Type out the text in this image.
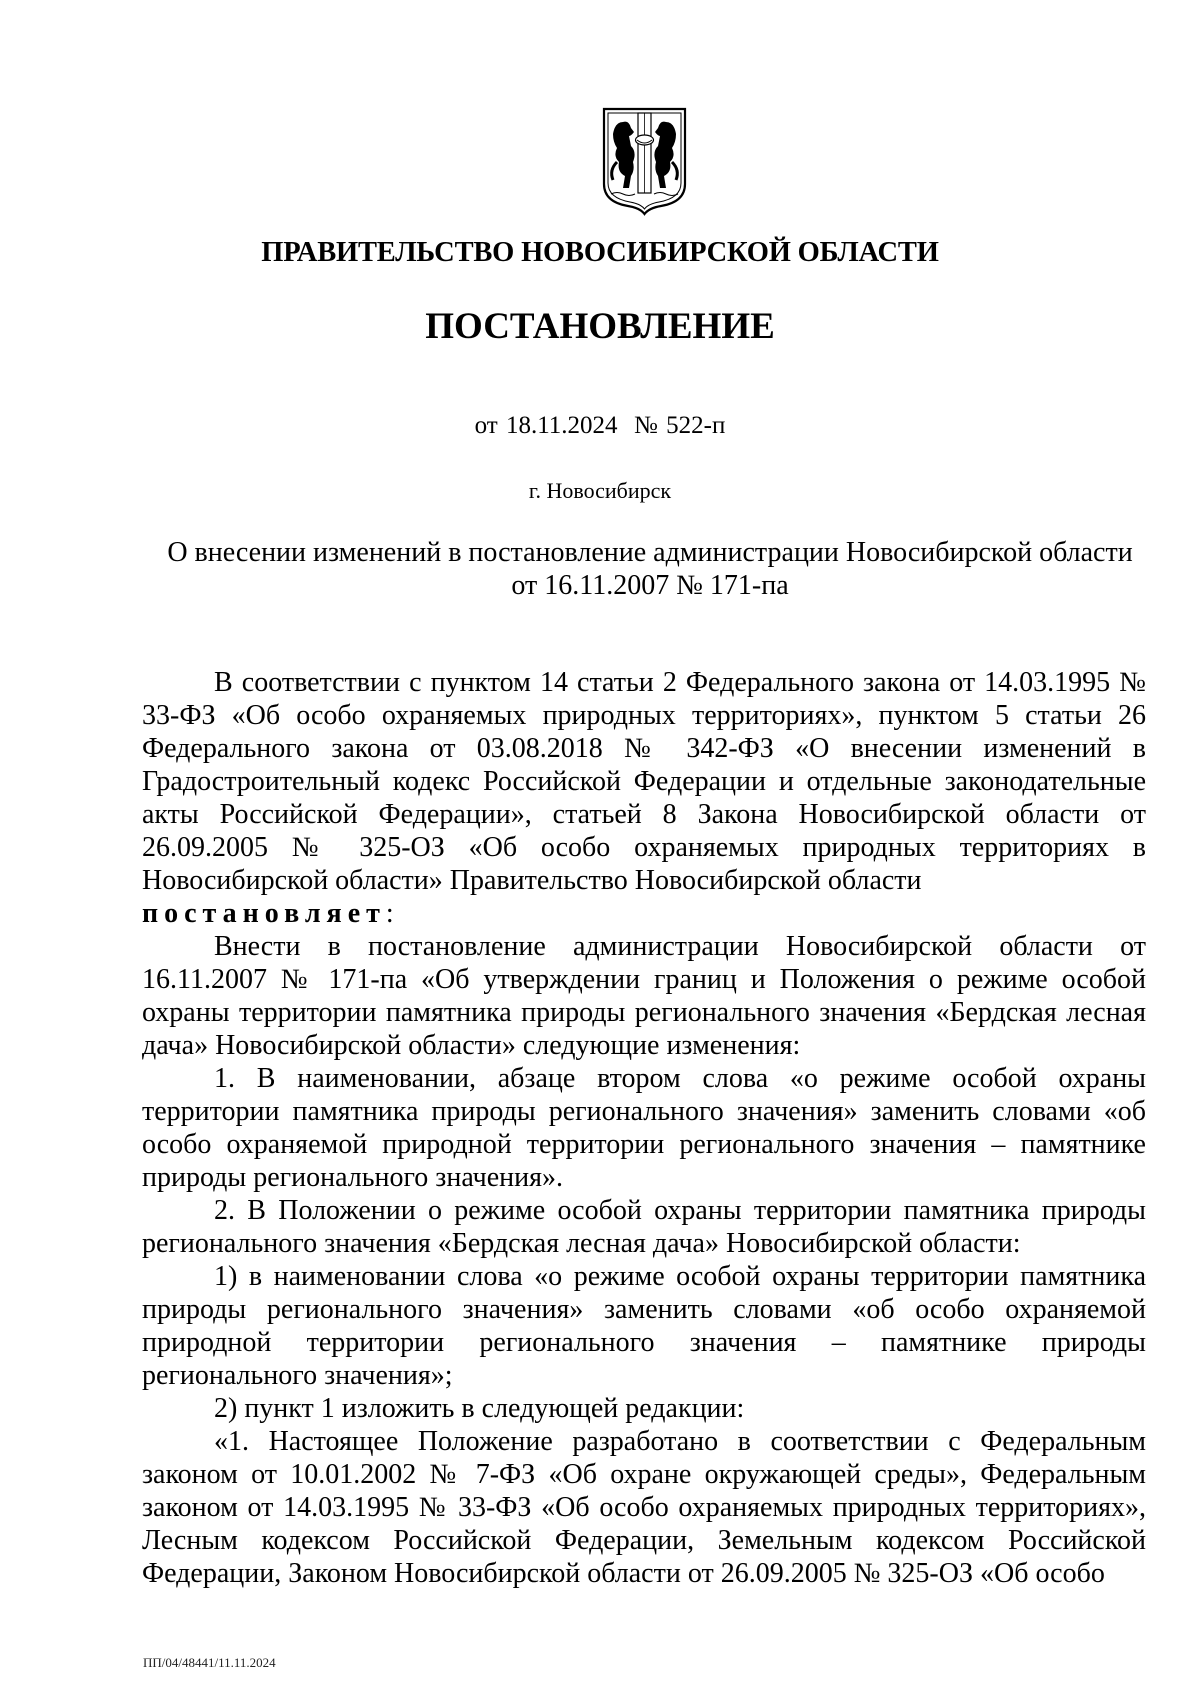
ПРАВИТЕЛЬСТВО НОВОСИБИРСКОЙ ОБЛАСТИ
ПОСТАНОВЛЕНИЕ
от 18.11.2024  № 522-п
г. Новосибирск
О внесении изменений в постановление администрации Новосибирской области
от 16.11.2007 № 171-па

В соответствии с пунктом 14 статьи 2 Федерального закона от 14.03.1995 № 33-ФЗ «Об особо охраняемых природных территориях», пунктом 5 статьи 26 Федерального закона от 03.08.2018 № 342-ФЗ «О внесении изменений в Градостроительный кодекс Российской Федерации и отдельные законодательные акты Российской Федерации», статьей 8 Закона Новосибирской области от 26.09.2005 № 325-ОЗ «Об особо охраняемых природных территориях в Новосибирской области» Правительство Новосибирской области

постановляет:

Внести в постановление администрации Новосибирской области от 16.11.2007 № 171-па «Об утверждении границ и Положения о режиме особой охраны территории памятника природы регионального значения «Бердская лесная дача» Новосибирской области» следующие изменения:

1. В наименовании, абзаце втором слова «о режиме особой охраны территории памятника природы регионального значения» заменить словами «об особо охраняемой природной территории регионального значения – памятнике природы регионального значения».

2. В Положении о режиме особой охраны территории памятника природы регионального значения «Бердская лесная дача» Новосибирской области:

1) в наименовании слова «о режиме особой охраны территории памятника природы регионального значения» заменить словами «об особо охраняемой природной территории регионального значения – памятнике природы регионального значения»;

2) пункт 1 изложить в следующей редакции:

«1. Настоящее Положение разработано в соответствии с Федеральным законом от 10.01.2002 № 7-ФЗ «Об охране окружающей среды», Федеральным законом от 14.03.1995 № 33-ФЗ «Об особо охраняемых природных территориях», Лесным кодексом Российской Федерации, Земельным кодексом Российской Федерации, Законом Новосибирской области от 26.09.2005 № 325-ОЗ «Об особо

ПП/04/48441/11.11.2024
